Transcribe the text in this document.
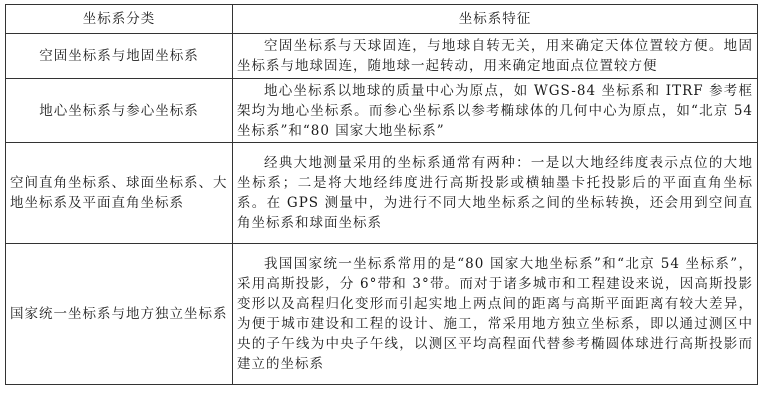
坐标系分类	坐标系特征
空固坐标系与地固坐标系	空固坐标系与天球固连，与地球自转无关，用来确定天体位置较方便。地固坐标系与地球固连，随地球一起转动，用来确定地面点位置较方便
地心坐标系与参心坐标系	地心坐标系以地球的质量中心为原点，如 WGS-84 坐标系和 ITRF 参考框架均为地心坐标系。而参心坐标系以参考椭球体的几何中心为原点，如“北京 54 坐标系”和“80 国家大地坐标系”
空间直角坐标系、球面坐标系、大地坐标系及平面直角坐标系	经典大地测量采用的坐标系通常有两种：一是以大地经纬度表示点位的大地坐标系；二是将大地经纬度进行高斯投影或横轴墨卡托投影后的平面直角坐标系。在 GPS 测量中，为进行不同大地坐标系之间的坐标转换，还会用到空间直角坐标系和球面坐标系
国家统一坐标系与地方独立坐标系	我国国家统一坐标系常用的是“80 国家大地坐标系”和“北京 54 坐标系”，采用高斯投影，分 6°带和 3°带。而对于诸多城市和工程建设来说，因高斯投影变形以及高程归化变形而引起实地上两点间的距离与高斯平面距离有较大差异，为便于城市建设和工程的设计、施工，常采用地方独立坐标系，即以通过测区中央的子午线为中央子午线，以测区平均高程面代替参考椭圆体球进行高斯投影而建立的坐标系
